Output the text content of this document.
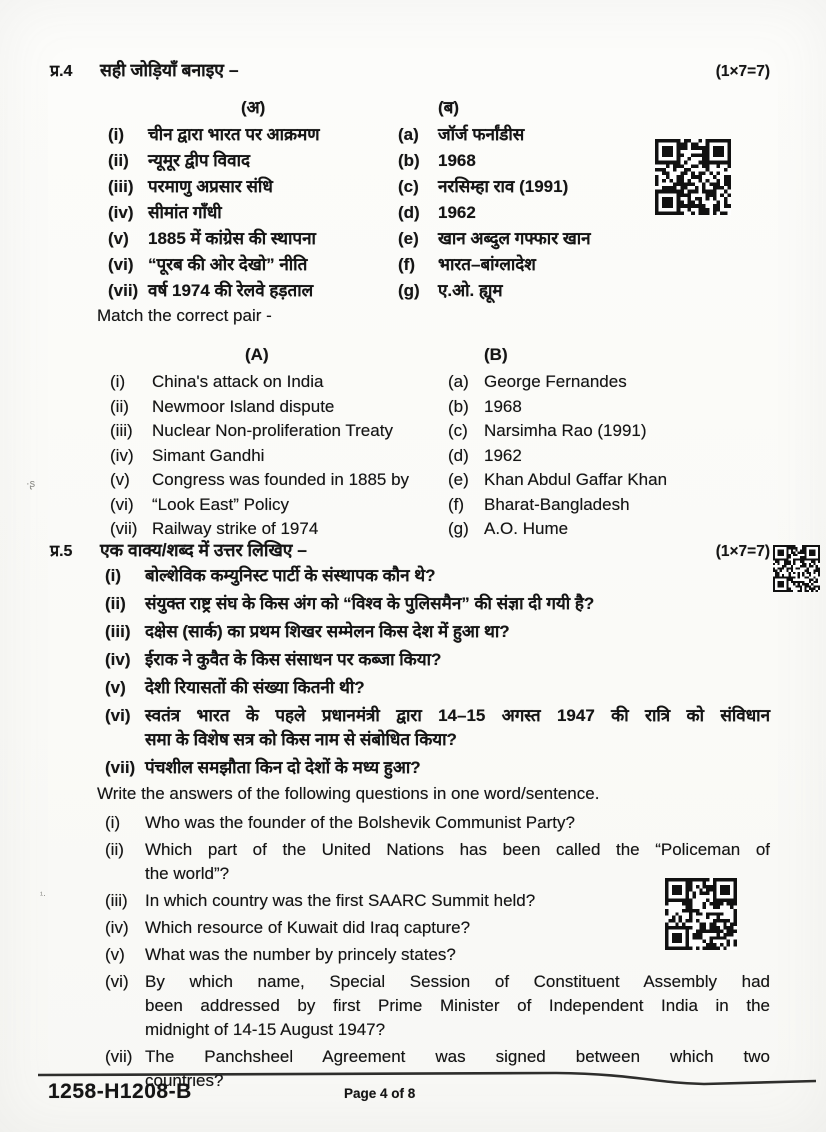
प्र.4	सही जोड़ियाँ बनाइए –	(1×7=7)
(अ)	(ब)
(i)	चीन द्वारा भारत पर आक्रमण	(a)	जॉर्ज फर्नांडीस
(ii)	न्यूमूर द्वीप विवाद	(b)	1968
(iii) परमाणु अप्रसार संधि	(c)	नरसिम्हा राव (1991)
(iv) सीमांत गाँधी	(d)	1962
(v)	1885 में कांग्रेस की स्थापना	(e)	खान अब्दुल गफ्फार खान
(vi) “पूरब की ओर देखो” नीति	(f)	भारत–बांग्लादेश
(vii) वर्ष 1974 की रेलवे हड़ताल	(g)	ए.ओ. ह्यूम
Match the correct pair -
(A)	(B)
(i)	China's attack on India	(a) George Fernandes
(ii)	Newmoor Island dispute	(b) 1968
(iii)	Nuclear Non-proliferation Treaty	(c) Narsimha Rao (1991)
(iv)	Simant Gandhi	(d) 1962
(v)	Congress was founded in 1885 by	(e) Khan Abdul Gaffar Khan
(vi)	“Look East” Policy	(f)	Bharat-Bangladesh
(vii) Railway strike of 1974	(g) A.O. Hume
प्र.5	एक वाक्य/शब्द में उत्तर लिखिए –	(1×7=7)
(i)	बोल्शेविक कम्युनिस्ट पार्टी के संस्थापक कौन थे?
(ii)	संयुक्त राष्ट्र संघ के किस अंग को “विश्व के पुलिसमैन” की संज्ञा दी गयी है?
(iii) दक्षेस (सार्क) का प्रथम शिखर सम्मेलन किस देश में हुआ था?
(iv) ईराक ने कुवैत के किस संसाधन पर कब्जा किया?
(v)	देशी रियासतों की संख्या कितनी थी?
(vi) स्वतंत्र भारत के पहले प्रधानमंत्री द्वारा 14–15 अगस्त 1947 की रात्रि को संविधान
समा के विशेष सत्र को किस नाम से संबोधित किया?
(vii) पंचशील समझौता किन दो देशों के मध्य हुआ?
Write the answers of the following questions in one word/sentence.
(i)	Who was the founder of the Bolshevik Communist Party?
(ii)	Which part of the United Nations has been called the “Policeman of
the world”?
(iii)	In which country was the first SAARC Summit held?
(iv) Which resource of Kuwait did Iraq capture?
(v)	What was the number by princely states?
(vi) By which name, Special Session of Constituent Assembly had
been addressed by first Prime Minister of Independent India in the
midnight of 14-15 August 1947?
(vii) The Panchsheel Agreement was signed between which two
countries?
·ʂ
¹·
1258-H1208-B	Page 4 of 8
